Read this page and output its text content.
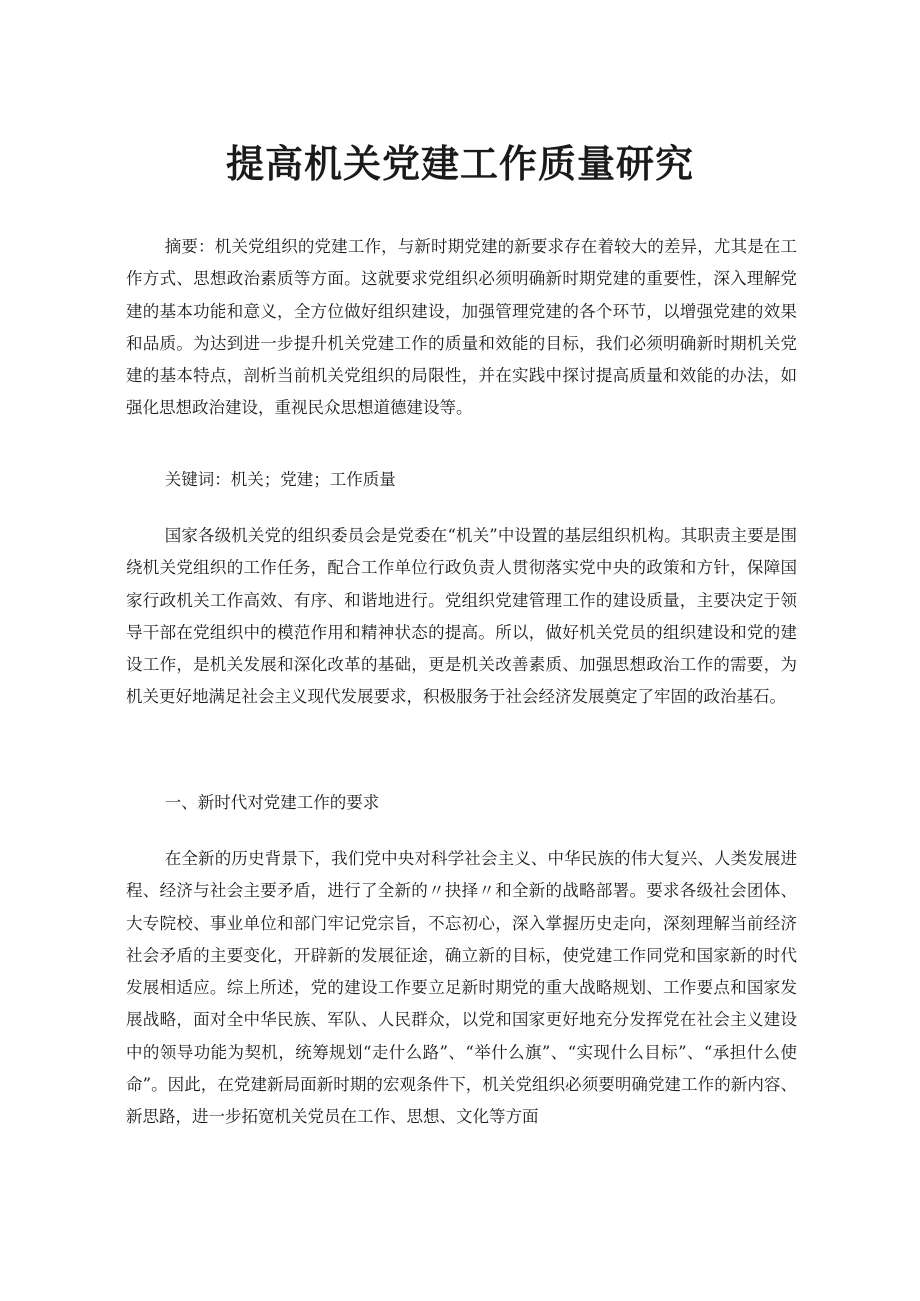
提高机关党建工作质量研究

摘要：机关党组织的党建工作，与新时期党建的新要求存在着较大的差异，尤其是在工作方式、思想政治素质等方面。这就要求党组织必须明确新时期党建的重要性，深入理解党建的基本功能和意义，全方位做好组织建设，加强管理党建的各个环节，以增强党建的效果和品质。为达到进一步提升机关党建工作的质量和效能的目标，我们必须明确新时期机关党建的基本特点，剖析当前机关党组织的局限性，并在实践中探讨提高质量和效能的办法，如强化思想政治建设，重视民众思想道德建设等。

关键词：机关；党建；工作质量

国家各级机关党的组织委员会是党委在“机关”中设置的基层组织机构。其职责主要是围绕机关党组织的工作任务，配合工作单位行政负责人贯彻落实党中央的政策和方针，保障国家行政机关工作高效、有序、和谐地进行。党组织党建管理工作的建设质量，主要决定于领导干部在党组织中的模范作用和精神状态的提高。所以，做好机关党员的组织建设和党的建设工作，是机关发展和深化改革的基础，更是机关改善素质、加强思想政治工作的需要，为机关更好地满足社会主义现代发展要求，积极服务于社会经济发展奠定了牢固的政治基石。

一、新时代对党建工作的要求

在全新的历史背景下，我们党中央对科学社会主义、中华民族的伟大复兴、人类发展进程、经济与社会主要矛盾，进行了全新的〃抉择〃和全新的战略部署。要求各级社会团体、大专院校、事业单位和部门牢记党宗旨，不忘初心，深入掌握历史走向，深刻理解当前经济社会矛盾的主要变化，开辟新的发展征途，确立新的目标，使党建工作同党和国家新的时代发展相适应。综上所述，党的建设工作要立足新时期党的重大战略规划、工作要点和国家发展战略，面对全中华民族、军队、人民群众，以党和国家更好地充分发挥党在社会主义建设中的领导功能为契机，统筹规划“走什么路”、“举什么旗”、“实现什么目标”、“承担什么使命”。因此，在党建新局面新时期的宏观条件下，机关党组织必须要明确党建工作的新内容、新思路，进一步拓宽机关党员在工作、思想、文化等方面
